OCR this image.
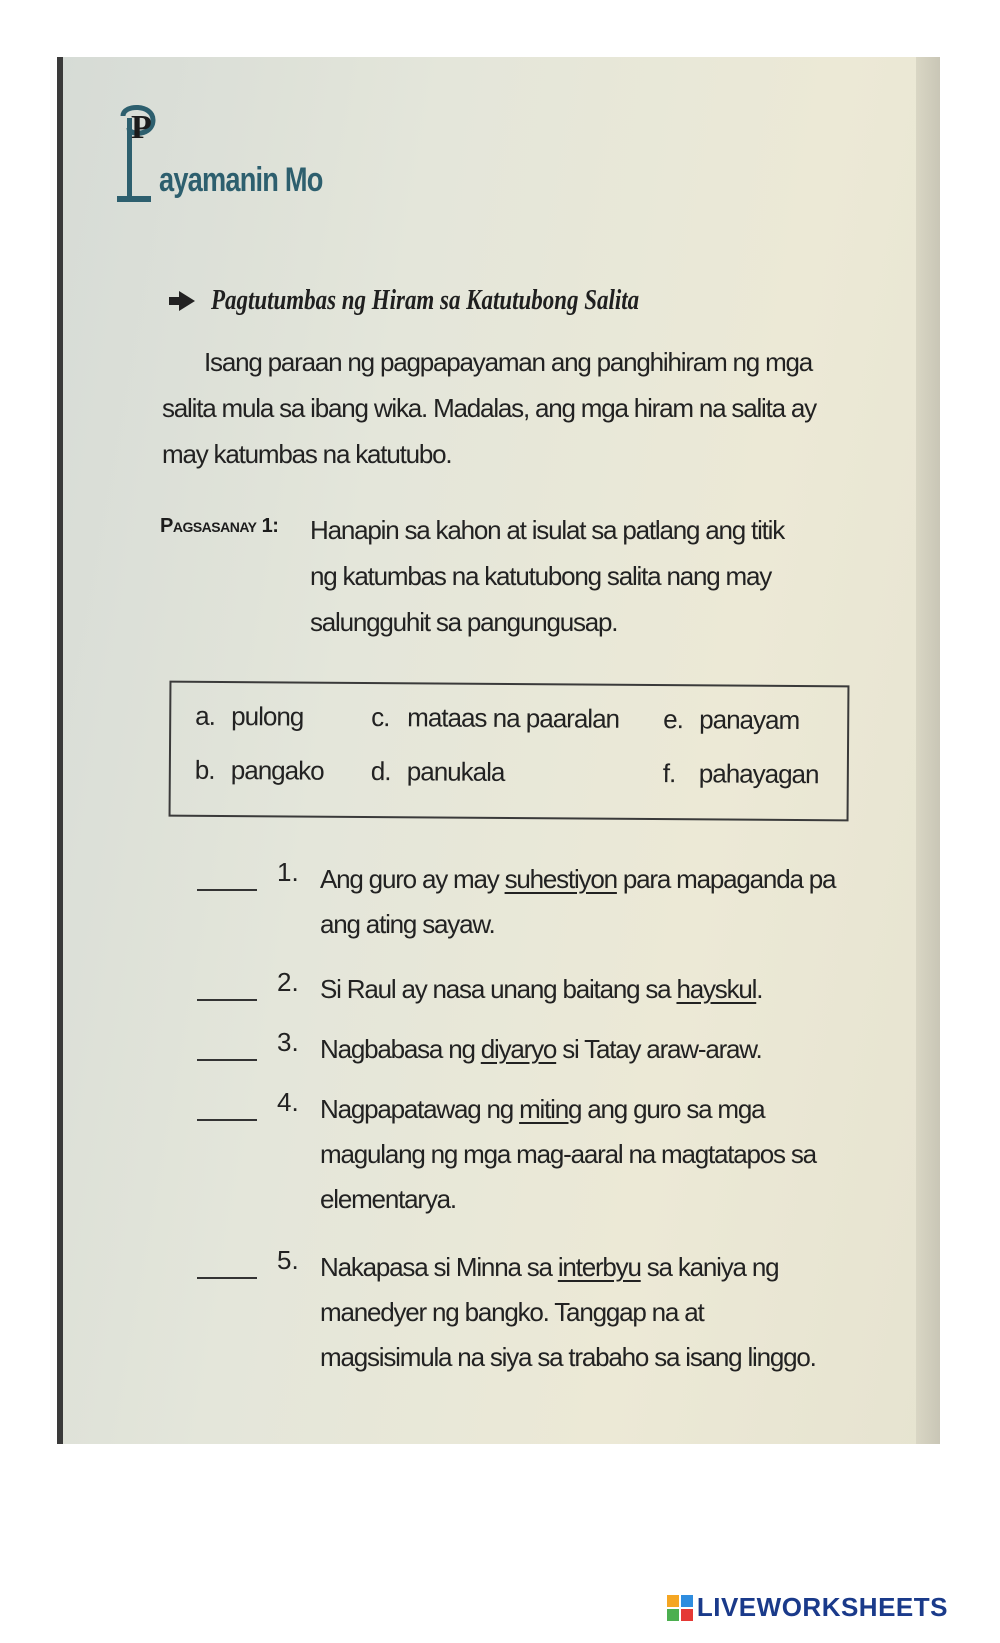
P
ayamanin Mo
Pagtutumbas ng Hiram sa Katutubong Salita
Isang paraan ng pagpapayaman ang panghihiram ng mga salita mula sa ibang wika. Madalas, ang mga hiram na salita ay may katumbas na katutubo.
Pagsasanay 1: Hanapin sa kahon at isulat sa patlang ang titik ng katumbas na katutubong salita nang may salungguhit sa pangungusap.
a. pulong
b. pangako
c. mataas na paaralan
d. panukala
e. panayam
f. pahayagan
1. Ang guro ay may suhestiyon para mapaganda pa ang ating sayaw.
2. Si Raul ay nasa unang baitang sa hayskul.
3. Nagbabasa ng diyaryo si Tatay araw-araw.
4. Nagpapatawag ng miting ang guro sa mga magulang ng mga mag-aaral na magtatapos sa elementarya.
5. Nakapasa si Minna sa interbyu sa kaniya ng manedyer ng bangko. Tanggap na at magsisimula na siya sa trabaho sa isang linggo.
LIVEWORKSHEETS
